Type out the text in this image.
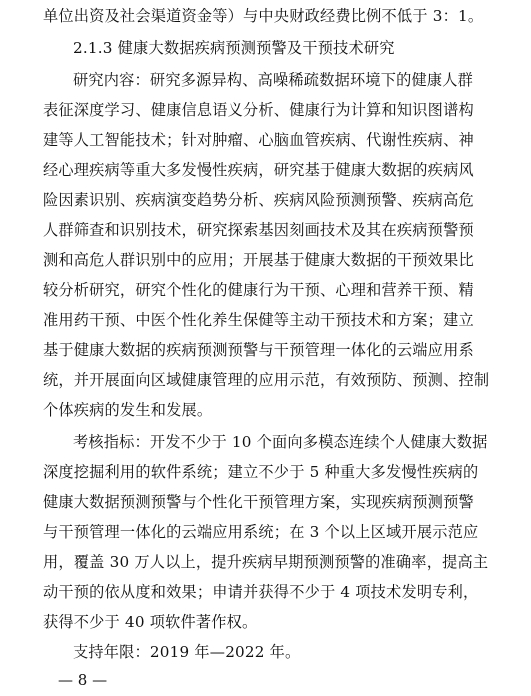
单位出资及社会渠道资金等）与中央财政经费比例不低于 3：1。
2.1.3 健康大数据疾病预测预警及干预技术研究
研究内容：研究多源异构、高噪稀疏数据环境下的健康人群
表征深度学习、健康信息语义分析、健康行为计算和知识图谱构
建等人工智能技术；针对肿瘤、心脑血管疾病、代谢性疾病、神
经心理疾病等重大多发慢性疾病，研究基于健康大数据的疾病风
险因素识别、疾病演变趋势分析、疾病风险预测预警、疾病高危
人群筛查和识别技术，研究探索基因刻画技术及其在疾病预警预
测和高危人群识别中的应用；开展基于健康大数据的干预效果比
较分析研究，研究个性化的健康行为干预、心理和营养干预、精
准用药干预、中医个性化养生保健等主动干预技术和方案；建立
基于健康大数据的疾病预测预警与干预管理一体化的云端应用系
统，并开展面向区域健康管理的应用示范，有效预防、预测、控制
个体疾病的发生和发展。
考核指标：开发不少于 10 个面向多模态连续个人健康大数据
深度挖掘利用的软件系统；建立不少于 5 种重大多发慢性疾病的
健康大数据预测预警与个性化干预管理方案，实现疾病预测预警
与干预管理一体化的云端应用系统；在 3 个以上区域开展示范应
用，覆盖 30 万人以上，提升疾病早期预测预警的准确率，提高主
动干预的依从度和效果；申请并获得不少于 4 项技术发明专利，
获得不少于 40 项软件著作权。
支持年限：2019 年—2022 年。
— 8 —
